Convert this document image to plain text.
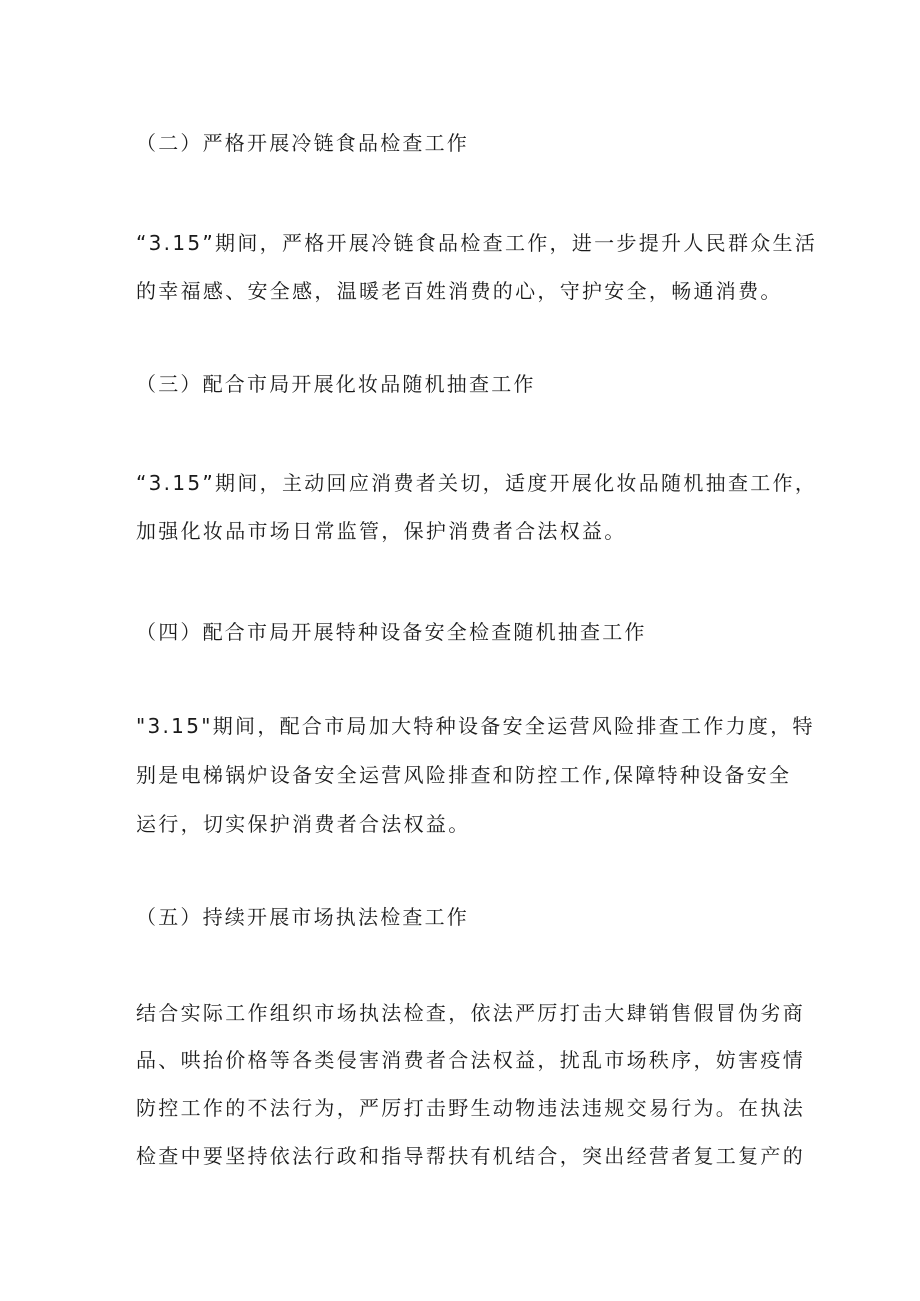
（二）严格开展冷链食品检查工作
“3.15”期间，严格开展冷链食品检查工作，进一步提升人民群众生活
的幸福感、安全感，温暖老百姓消费的心，守护安全，畅通消费。
（三）配合市局开展化妆品随机抽查工作
“3.15”期间，主动回应消费者关切，适度开展化妆品随机抽查工作，
加强化妆品市场日常监管，保护消费者合法权益。
（四）配合市局开展特种设备安全检查随机抽查工作
"3.15"期间，配合市局加大特种设备安全运营风险排查工作力度，特
别是电梯锅炉设备安全运营风险排查和防控工作,保障特种设备安全
运行，切实保护消费者合法权益。
（五）持续开展市场执法检查工作
结合实际工作组织市场执法检查，依法严厉打击大肆销售假冒伪劣商
品、哄抬价格等各类侵害消费者合法权益，扰乱市场秩序，妨害疫情
防控工作的不法行为，严厉打击野生动物违法违规交易行为。在执法
检查中要坚持依法行政和指导帮扶有机结合，突出经营者复工复产的
